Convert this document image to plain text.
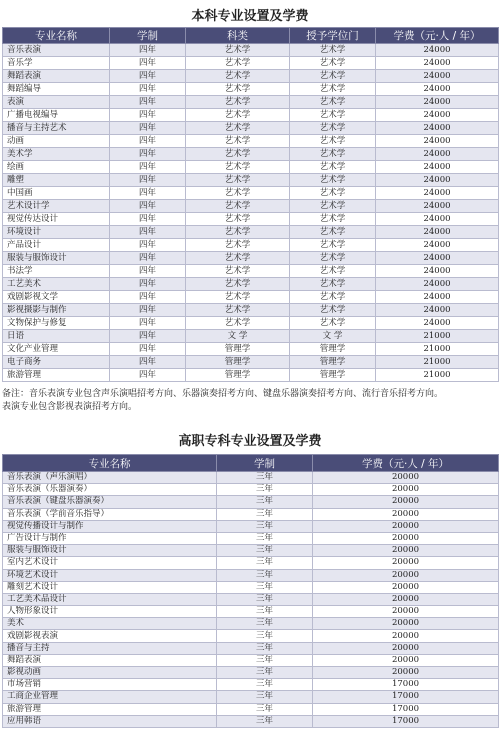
本科专业设置及学费
专业名称	学制	科类	授予学位门	学费（元·人 / 年）
音乐表演	四年	艺术学	艺术学	24000
音乐学	四年	艺术学	艺术学	24000
舞蹈表演	四年	艺术学	艺术学	24000
舞蹈编导	四年	艺术学	艺术学	24000
表演	四年	艺术学	艺术学	24000
广播电视编导	四年	艺术学	艺术学	24000
播音与主持艺术	四年	艺术学	艺术学	24000
动画	四年	艺术学	艺术学	24000
美术学	四年	艺术学	艺术学	24000
绘画	四年	艺术学	艺术学	24000
雕塑	四年	艺术学	艺术学	24000
中国画	四年	艺术学	艺术学	24000
艺术设计学	四年	艺术学	艺术学	24000
视觉传达设计	四年	艺术学	艺术学	24000
环境设计	四年	艺术学	艺术学	24000
产品设计	四年	艺术学	艺术学	24000
服装与服饰设计	四年	艺术学	艺术学	24000
书法学	四年	艺术学	艺术学	24000
工艺美术	四年	艺术学	艺术学	24000
戏剧影视文学	四年	艺术学	艺术学	24000
影视摄影与制作	四年	艺术学	艺术学	24000
文物保护与修复	四年	艺术学	艺术学	24000
日语	四年	文 学	文 学	21000
文化产业管理	四年	管理学	管理学	21000
电子商务	四年	管理学	管理学	21000
旅游管理	四年	管理学	管理学	21000
备注：音乐表演专业包含声乐演唱招考方向、乐器演奏招考方向、键盘乐器演奏招考方向、流行音乐招考方向。
表演专业包含影视表演招考方向。
高职专科专业设置及学费
专业名称	学制	学费（元·人 / 年）
音乐表演（声乐演唱）	三年	20000
音乐表演（乐器演奏）	三年	20000
音乐表演（键盘乐器演奏）	三年	20000
音乐表演（学前音乐指导）	三年	20000
视觉传播设计与制作	三年	20000
广告设计与制作	三年	20000
服装与服饰设计	三年	20000
室内艺术设计	三年	20000
环境艺术设计	三年	20000
雕刻艺术设计	三年	20000
工艺美术品设计	三年	20000
人物形象设计	三年	20000
美术	三年	20000
戏剧影视表演	三年	20000
播音与主持	三年	20000
舞蹈表演	三年	20000
影视动画	三年	20000
市场营销	三年	17000
工商企业管理	三年	17000
旅游管理	三年	17000
应用韩语	三年	17000
